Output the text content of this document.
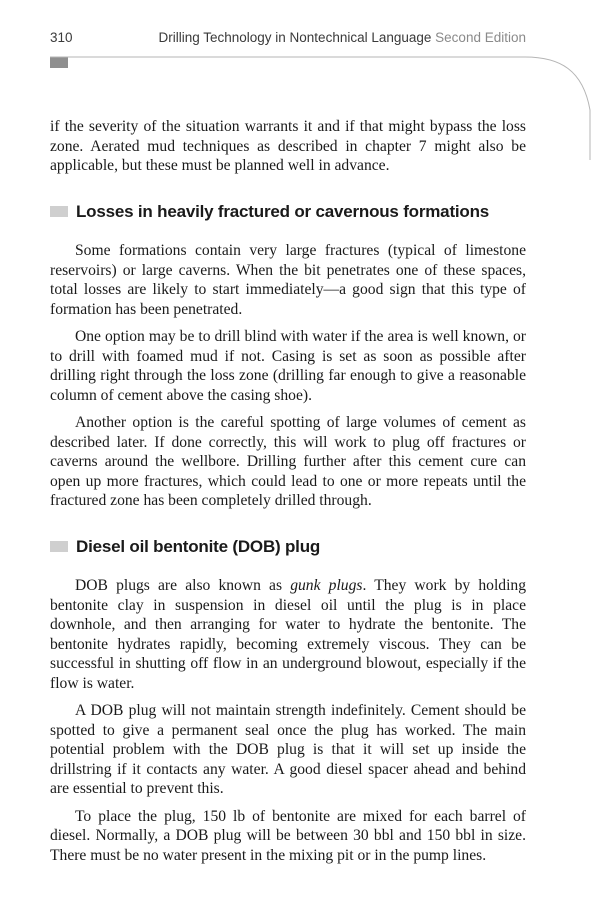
310	Drilling Technology in Nontechnical Language Second Edition

if the severity of the situation warrants it and if that might bypass the loss zone. Aerated mud techniques as described in chapter 7 might also be applicable, but these must be planned well in advance.

Losses in heavily fractured or cavernous formations

Some formations contain very large fractures (typical of limestone reservoirs) or large caverns. When the bit penetrates one of these spaces, total losses are likely to start immediately—a good sign that this type of formation has been penetrated.

One option may be to drill blind with water if the area is well known, or to drill with foamed mud if not. Casing is set as soon as possible after drilling right through the loss zone (drilling far enough to give a reasonable column of cement above the casing shoe).

Another option is the careful spotting of large volumes of cement as described later. If done correctly, this will work to plug off fractures or caverns around the wellbore. Drilling further after this cement cure can open up more fractures, which could lead to one or more repeats until the fractured zone has been completely drilled through.

Diesel oil bentonite (DOB) plug

DOB plugs are also known as gunk plugs. They work by holding bentonite clay in suspension in diesel oil until the plug is in place downhole, and then arranging for water to hydrate the bentonite. The bentonite hydrates rapidly, becoming extremely viscous. They can be successful in shutting off flow in an underground blowout, especially if the flow is water.

A DOB plug will not maintain strength indefinitely. Cement should be spotted to give a permanent seal once the plug has worked. The main potential problem with the DOB plug is that it will set up inside the drillstring if it contacts any water. A good diesel spacer ahead and behind are essential to prevent this.

To place the plug, 150 lb of bentonite are mixed for each barrel of diesel. Normally, a DOB plug will be between 30 bbl and 150 bbl in size. There must be no water present in the mixing pit or in the pump lines.
